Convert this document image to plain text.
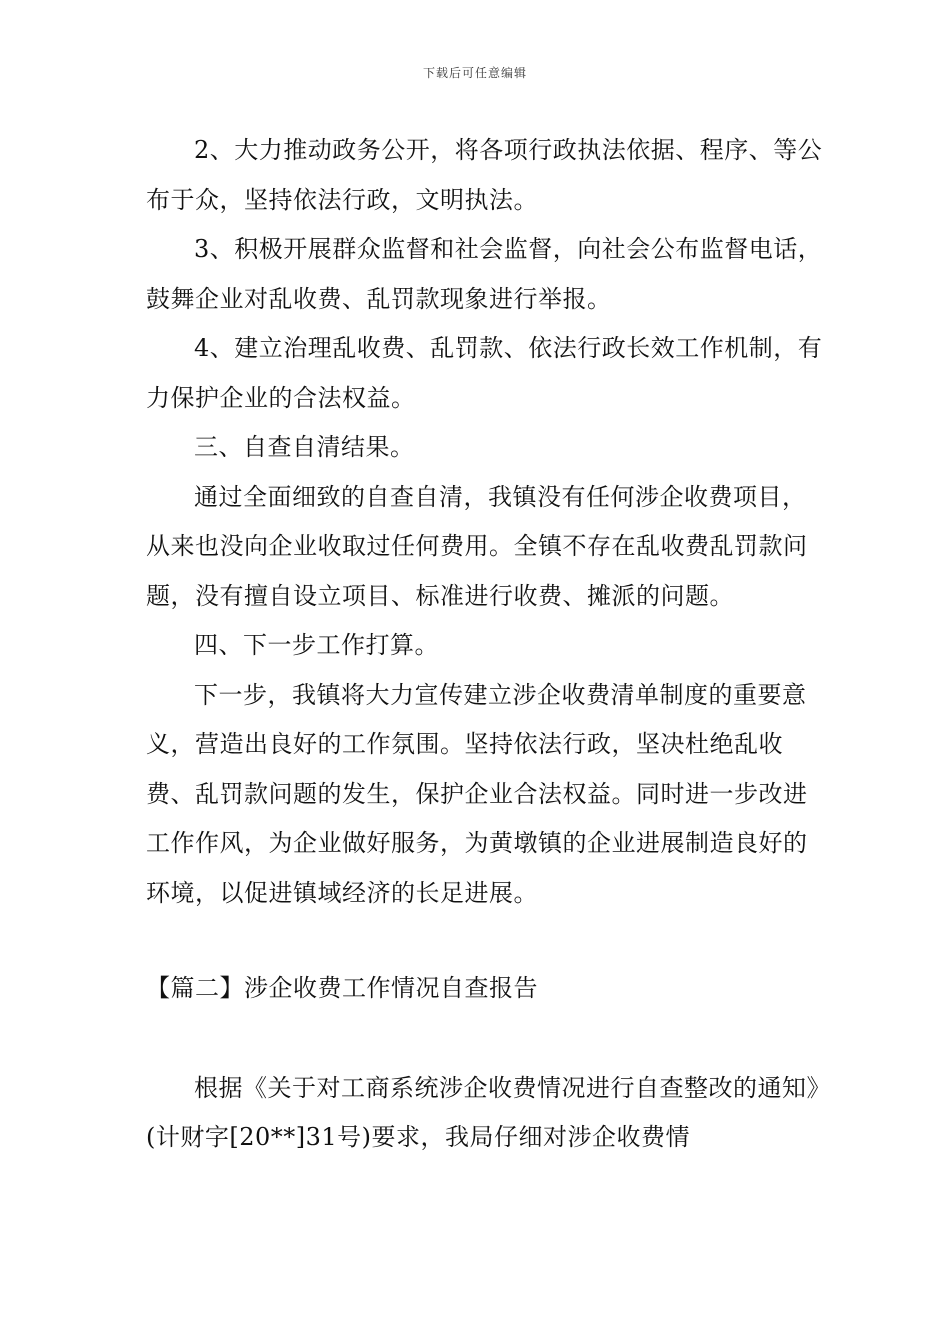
下载后可任意编辑

2、大力推动政务公开，将各项行政执法依据、程序、等公布于众，坚持依法行政，文明执法。

3、积极开展群众监督和社会监督，向社会公布监督电话，鼓舞企业对乱收费、乱罚款现象进行举报。

4、建立治理乱收费、乱罚款、依法行政长效工作机制，有力保护企业的合法权益。

三、自查自清结果。

通过全面细致的自查自清，我镇没有任何涉企收费项目，从来也没向企业收取过任何费用。全镇不存在乱收费乱罚款问题，没有擅自设立项目、标准进行收费、摊派的问题。

四、下一步工作打算。

下一步，我镇将大力宣传建立涉企收费清单制度的重要意义，营造出良好的工作氛围。坚持依法行政，坚决杜绝乱收费、乱罚款问题的发生，保护企业合法权益。同时进一步改进工作作风，为企业做好服务，为黄墩镇的企业进展制造良好的环境，以促进镇域经济的长足进展。

【篇二】涉企收费工作情况自查报告

根据《关于对工商系统涉企收费情况进行自查整改的通知》(计财字[20**]31号)要求，我局仔细对涉企收费情
